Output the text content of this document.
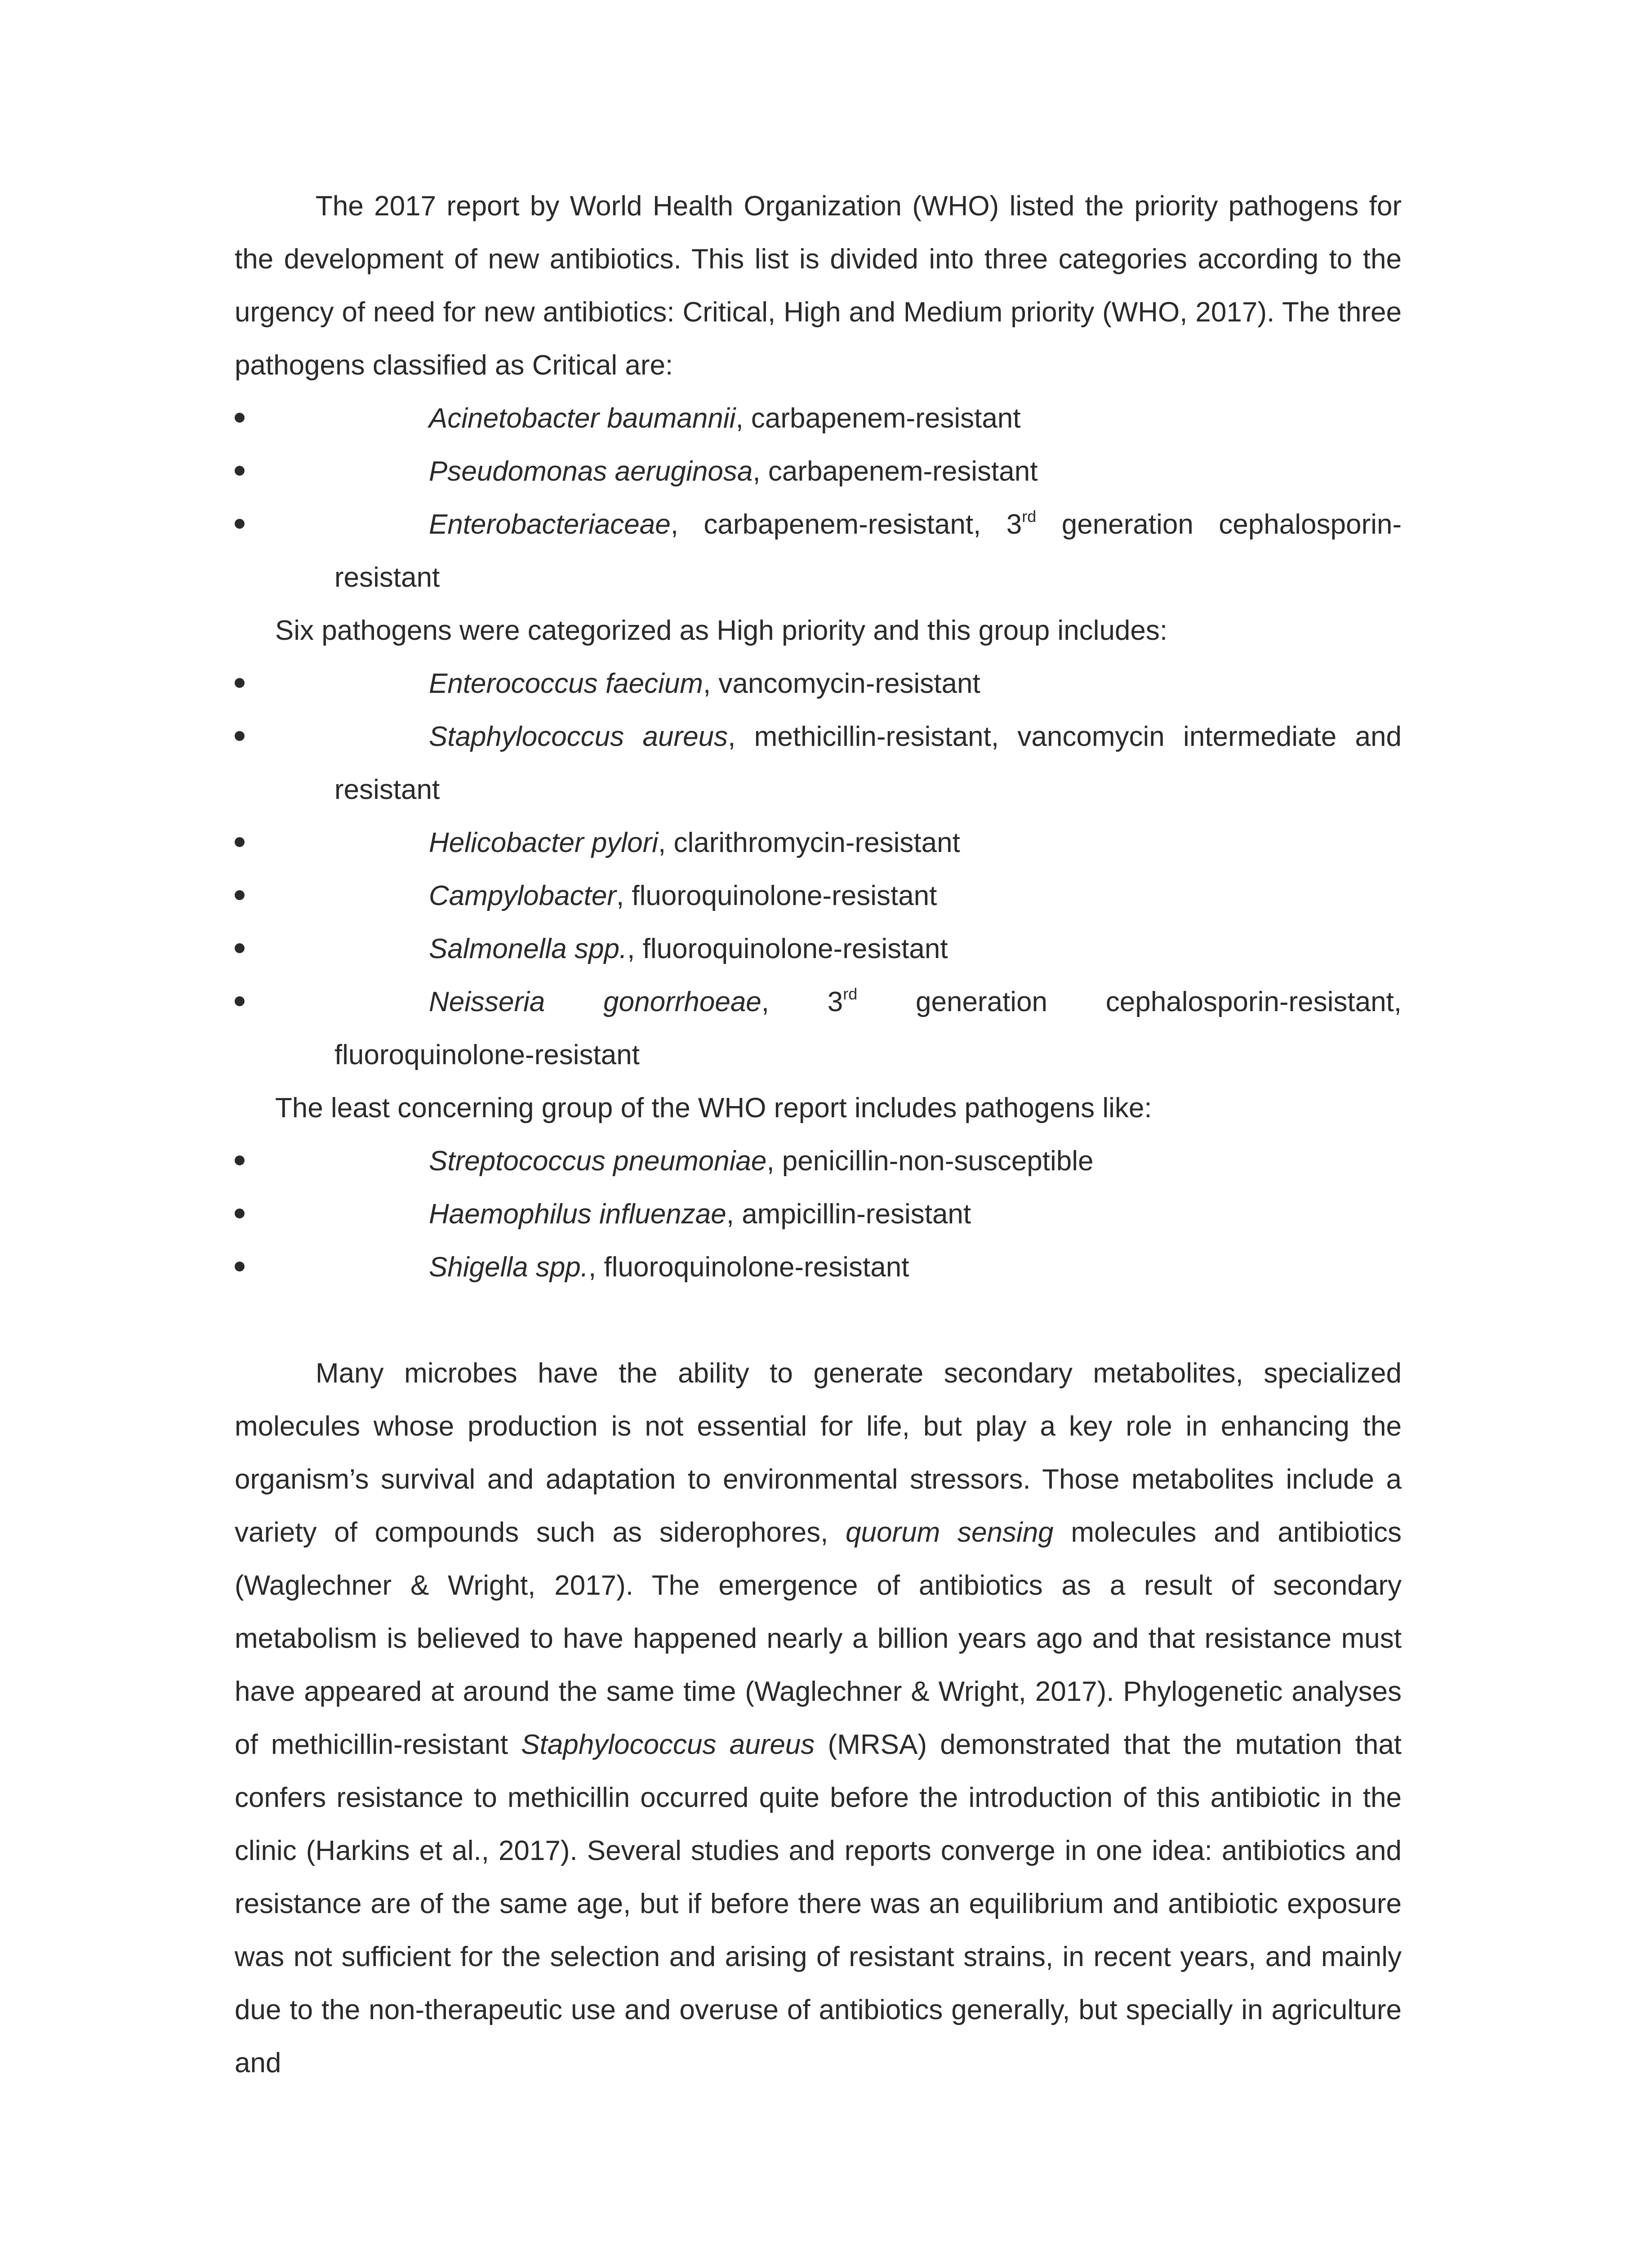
The 2017 report by World Health Organization (WHO) listed the priority pathogens for the development of new antibiotics. This list is divided into three categories according to the urgency of need for new antibiotics: Critical, High and Medium priority (WHO, 2017). The three pathogens classified as Critical are:

Acinetobacter baumannii, carbapenem-resistant
Pseudomonas aeruginosa, carbapenem-resistant
Enterobacteriaceae, carbapenem-resistant, 3rd generation cephalosporin-resistant

Six pathogens were categorized as High priority and this group includes:

Enterococcus faecium, vancomycin-resistant
Staphylococcus aureus, methicillin-resistant, vancomycin intermediate and resistant
Helicobacter pylori, clarithromycin-resistant
Campylobacter, fluoroquinolone-resistant
Salmonella spp., fluoroquinolone-resistant
Neisseria gonorrhoeae, 3rd generation cephalosporin-resistant, fluoroquinolone-resistant

The least concerning group of the WHO report includes pathogens like:

Streptococcus pneumoniae, penicillin-non-susceptible
Haemophilus influenzae, ampicillin-resistant
Shigella spp., fluoroquinolone-resistant

Many microbes have the ability to generate secondary metabolites, specialized molecules whose production is not essential for life, but play a key role in enhancing the organism’s survival and adaptation to environmental stressors. Those metabolites include a variety of compounds such as siderophores, quorum sensing molecules and antibiotics (Waglechner & Wright, 2017). The emergence of antibiotics as a result of secondary metabolism is believed to have happened nearly a billion years ago and that resistance must have appeared at around the same time (Waglechner & Wright, 2017). Phylogenetic analyses of methicillin-resistant Staphylococcus aureus (MRSA) demonstrated that the mutation that confers resistance to methicillin occurred quite before the introduction of this antibiotic in the clinic (Harkins et al., 2017). Several studies and reports converge in one idea: antibiotics and resistance are of the same age, but if before there was an equilibrium and antibiotic exposure was not sufficient for the selection and arising of resistant strains, in recent years, and mainly due to the non-therapeutic use and overuse of antibiotics generally, but specially in agriculture and
